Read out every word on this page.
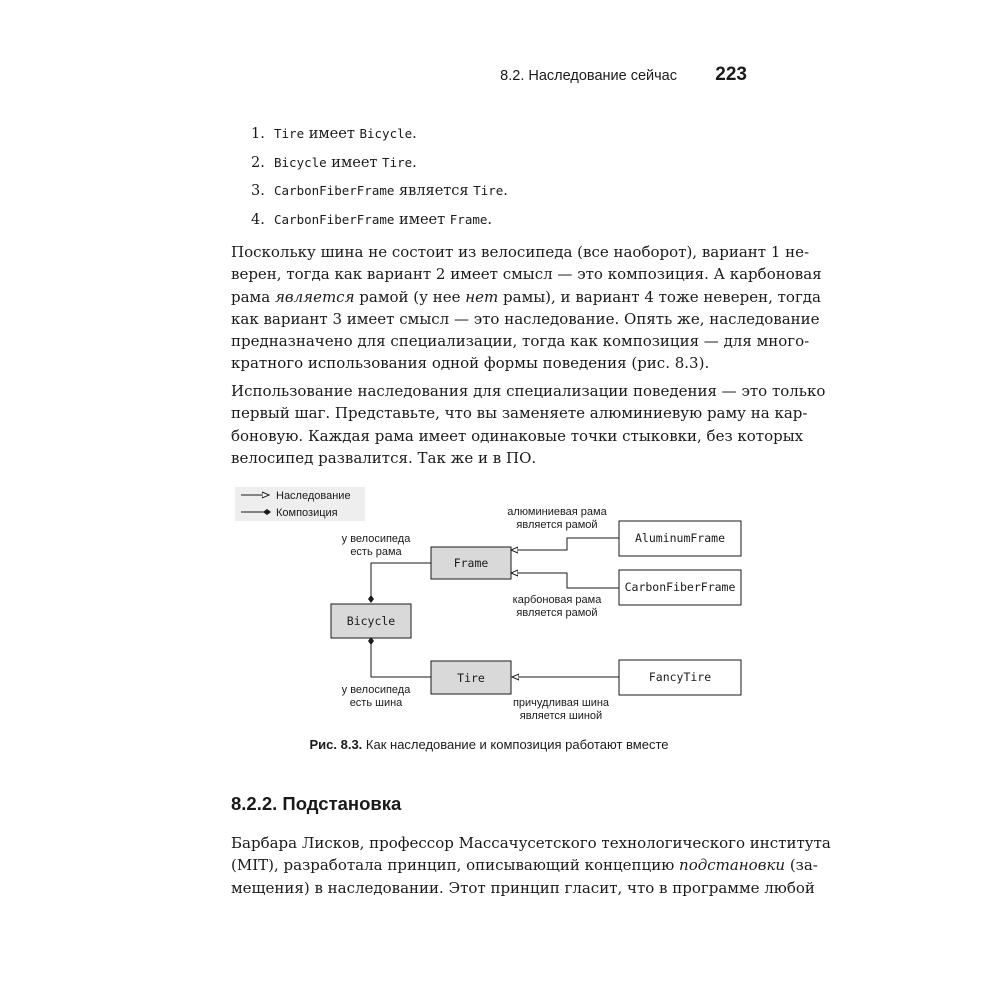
8.2. Наследование сейчас 223
1. Tire имеет Bicycle.
2. Bicycle имеет Tire.
3. CarbonFiberFrame является Tire.
4. CarbonFiberFrame имеет Frame.

Поскольку шина не состоит из велосипеда (все наоборот), вариант 1 не-
верен, тогда как вариант 2 имеет смысл — это композиция. А карбоновая
рама является рамой (у нее нет рамы), и вариант 4 тоже неверен, тогда
как вариант 3 имеет смысл — это наследование. Опять же, наследование
предназначено для специализации, тогда как композиция — для много-
кратного использования одной формы поведения (рис. 8.3).

Использование наследования для специализации поведения — это только
первый шаг. Представьте, что вы заменяете алюминиевую раму на кар-
боновую. Каждая рама имеет одинаковые точки стыковки, без которых
велосипед развалится. Так же и в ПО.

Наследование
Композиция
Frame
Bicycle
Tire
AluminumFrame
CarbonFiberFrame
FancyTire
у велосипеда
есть рама
алюминиевая рама
является рамой
карбоновая рама
является рамой
у велосипеда
есть шина	причудливая шина
является шиной
Рис. 8.3. Как наследование и композиция работают вместе
8.2.2. Подстановка

Барбара Лисков, профессор Массачусетского технологического института
(MIT), разработала принцип, описывающий концепцию подстановки (за-
мещения) в наследовании. Этот принцип гласит, что в программе любой
